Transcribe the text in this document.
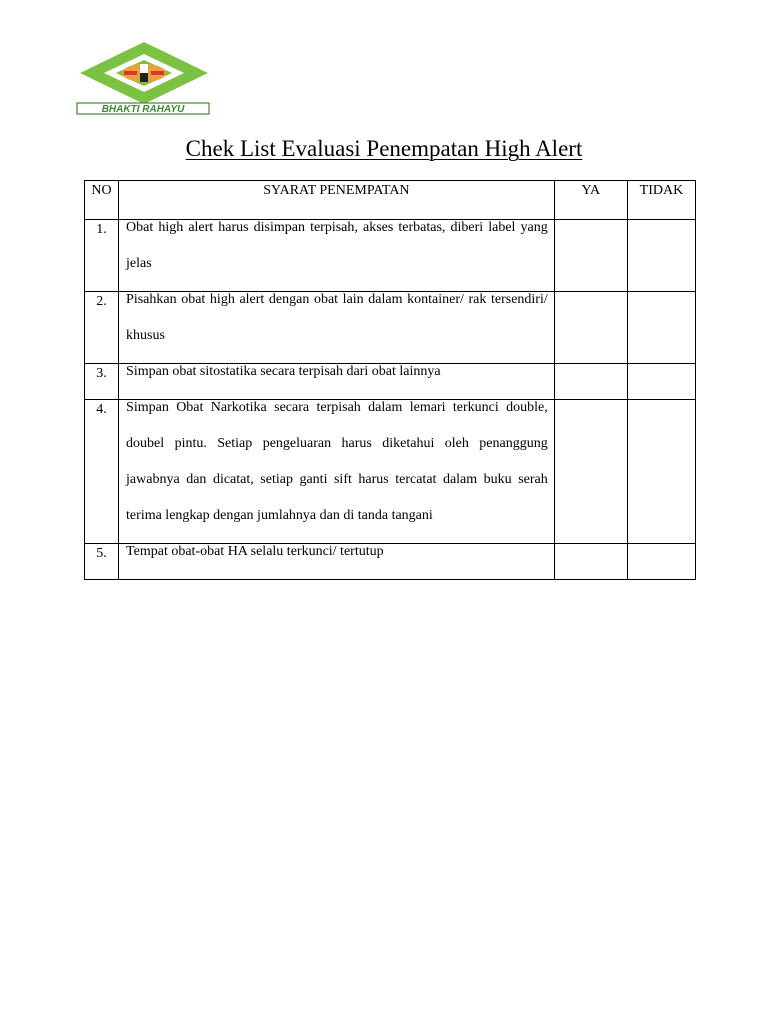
BHAKTI RAHAYU
Chek List Evaluasi Penempatan High Alert
NO	SYARAT PENEMPATAN	YA	TIDAK
1.	Obat high alert harus disimpan terpisah, akses terbatas, diberi label yang jelas		

2.	Pisahkan obat high alert dengan obat lain dalam kontainer/ rak tersendiri/ khusus		

3.	Simpan obat sitostatika secara terpisah dari obat lainnya		

4.	Simpan Obat Narkotika secara terpisah dalam lemari terkunci double, doubel pintu. Setiap pengeluaran harus diketahui oleh penanggung jawabnya dan dicatat, setiap ganti sift harus tercatat dalam buku serah terima lengkap dengan jumlahnya dan di tanda tangani		

5.	Tempat obat-obat HA selalu terkunci/ tertutup		
